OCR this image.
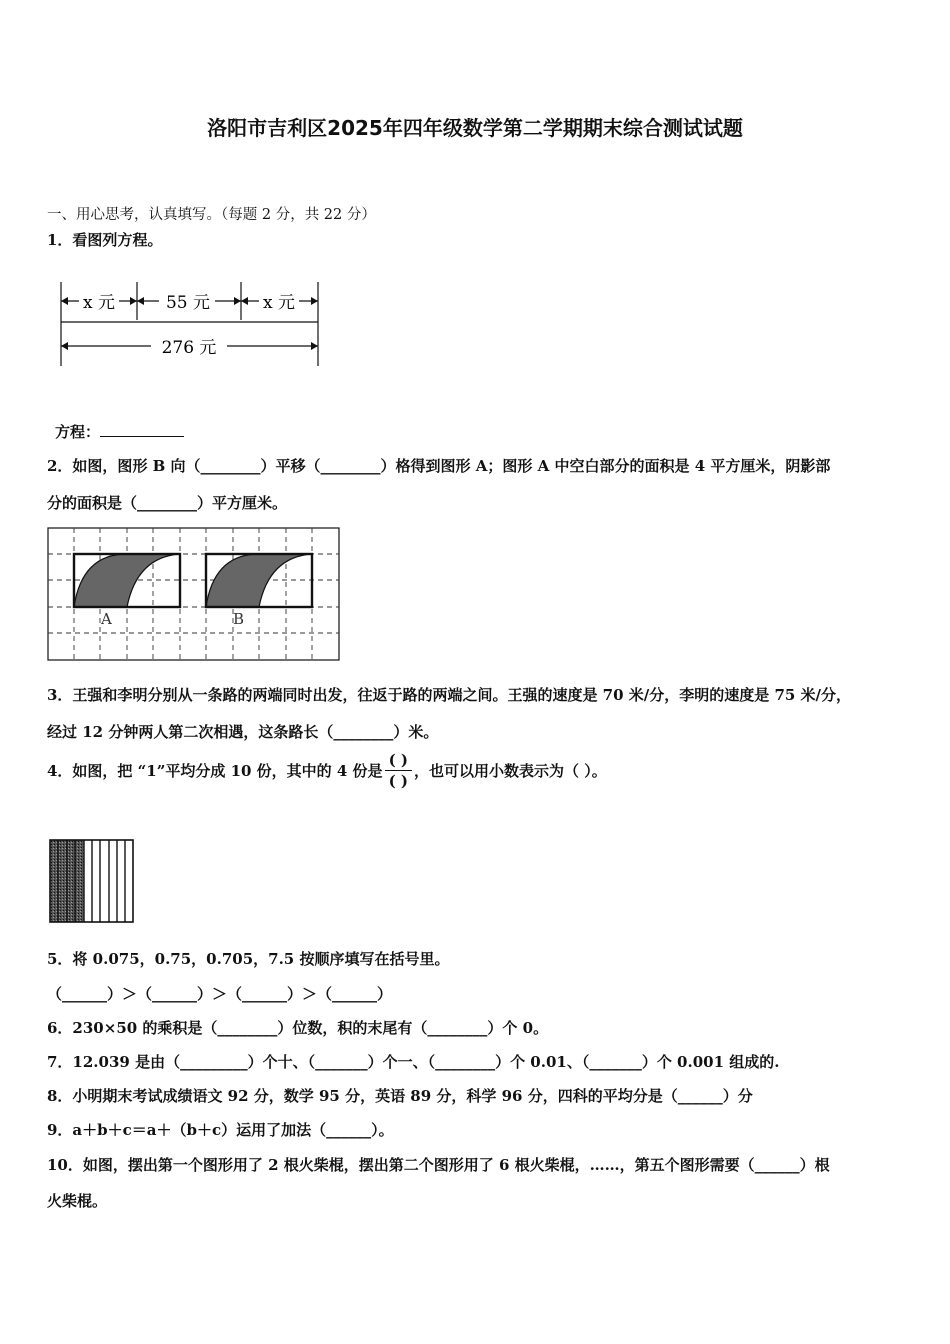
洛阳市吉利区2025年四年级数学第二学期期末综合测试试题
一、用心思考，认真填写。（每题 2 分，共 22 分）
1．看图列方程。
x 元	55 元	x 元
276 元
方程：
2．如图，图形 B 向（________）平移（________）格得到图形 A；图形 A 中空白部分的面积是 4 平方厘米，阴影部
分的面积是（________）平方厘米。
A	B
3．王强和李明分别从一条路的两端同时出发，往返于路的两端之间。王强的速度是 70 米/分，李明的速度是 75 米/分，
经过 12 分钟两人第二次相遇，这条路长（________）米。
4．如图，把 “1”平均分成 10 份，其中的 4 份是 $\frac{( )}{( )}$ ，也可以用小数表示为（ ）。
5．将 0.075，0.75，0.705，7.5 按顺序填写在括号里。
（______）＞（______）＞（______）＞（______）
6．230×50 的乘积是（________）位数，积的末尾有（________）个 0。
7．12.039 是由（_________）个十、（_______）个一、（________）个 0.01、（_______）个 0.001 组成的.
8．小明期末考试成绩语文 92 分，数学 95 分，英语 89 分，科学 96 分，四科的平均分是（______）分
9．a＋b＋c＝a＋（b＋c）运用了加法（______）。
10．如图，摆出第一个图形用了 2 根火柴棍，摆出第二个图形用了 6 根火柴棍，……，第五个图形需要（______）根
火柴棍。
